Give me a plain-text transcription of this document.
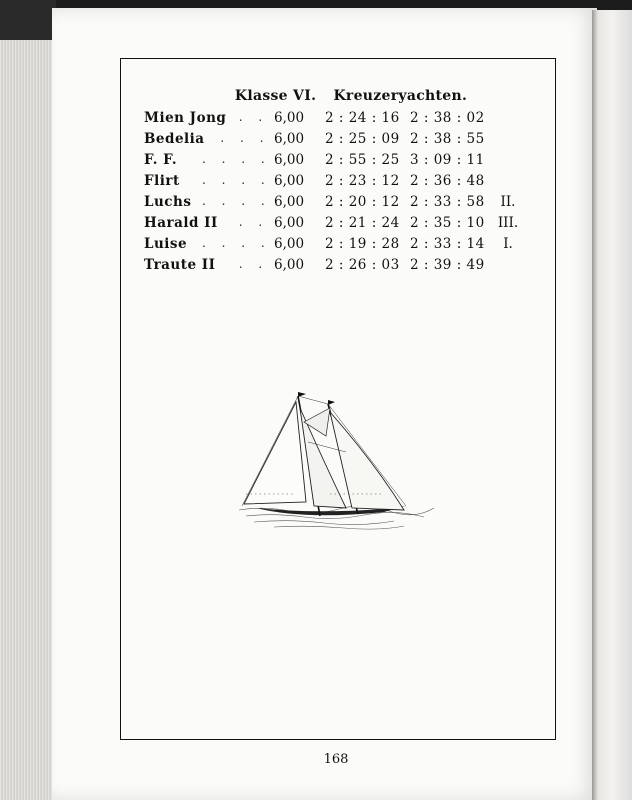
Klasse VI. Kreuzeryachten.
Mien Jong . . 6,00 2 : 24 : 16 2 : 38 : 02
Bedelia . . . 6,00 2 : 25 : 09 2 : 38 : 55
F. F. . . . . 6,00 2 : 55 : 25 3 : 09 : 11
Flirt . . . . 6,00 2 : 23 : 12 2 : 36 : 48
Luchs . . . . 6,00 2 : 20 : 12 2 : 33 : 58	II.
Harald II . . 6,00 2 : 21 : 24 2 : 35 : 10 III.
Luise . . . . 6,00 2 : 19 : 28 2 : 33 : 14	I.
Traute II . . 6,00 2 : 26 : 03 2 : 39 : 49
168
